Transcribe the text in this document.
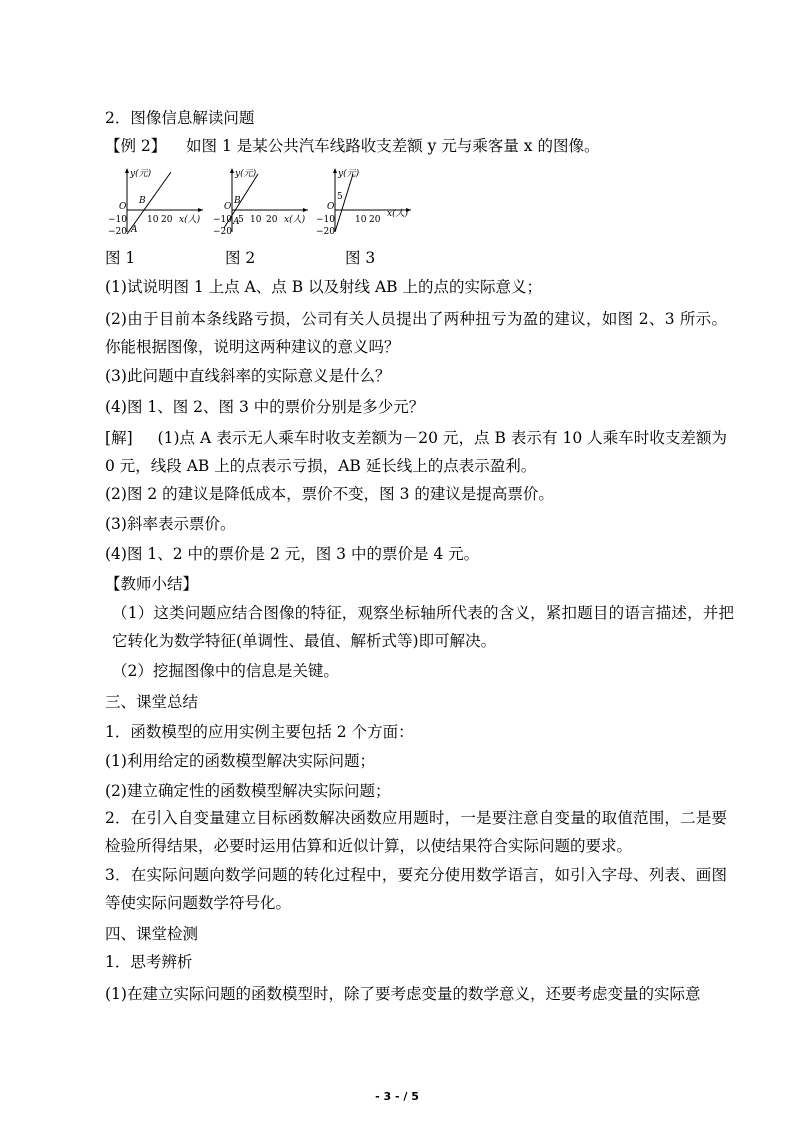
2．图像信息解读问题
【例 2】 如图 1 是某公共汽车线路收支差额 y 元与乘客量 x 的图像。
y(元)
x(人)
O
10 20
−10
−20 A
B
图 1
y(元)
x(人)
O
5 10 20
−10
−20
A
B
图 2
y(元)
x(人)
O
10 20
5
−10
−20
图 3
(1)试说明图 1 上点 A、点 B 以及射线 AB 上的点的实际意义；
(2)由于目前本条线路亏损，公司有关人员提出了两种扭亏为盈的建议，如图 2、3 所示。你能根据图像，说明这两种建议的意义吗？
(3)此问题中直线斜率的实际意义是什么？
(4)图 1、图 2、图 3 中的票价分别是多少元？
[解] (1)点 A 表示无人乘车时收支差额为－20 元，点 B 表示有 10 人乘车时收支差额为 0 元，线段 AB 上的点表示亏损，AB 延长线上的点表示盈利。
(2)图 2 的建议是降低成本，票价不变，图 3 的建议是提高票价。
(3)斜率表示票价。
(4)图 1、2 中的票价是 2 元，图 3 中的票价是 4 元。
【教师小结】
（1）这类问题应结合图像的特征，观察坐标轴所代表的含义，紧扣题目的语言描述，并把它转化为数学特征(单调性、最值、解析式等)即可解决。
（2）挖掘图像中的信息是关键。
三、课堂总结
1．函数模型的应用实例主要包括 2 个方面：
(1)利用给定的函数模型解决实际问题；
(2)建立确定性的函数模型解决实际问题；
2．在引入自变量建立目标函数解决函数应用题时，一是要注意自变量的取值范围，二是要检验所得结果，必要时运用估算和近似计算，以使结果符合实际问题的要求。
3．在实际问题向数学问题的转化过程中，要充分使用数学语言，如引入字母、列表、画图等使实际问题数学符号化。
四、课堂检测
1．思考辨析
(1)在建立实际问题的函数模型时，除了要考虑变量的数学意义，还要考虑变量的实际意
- 3 - / 5
